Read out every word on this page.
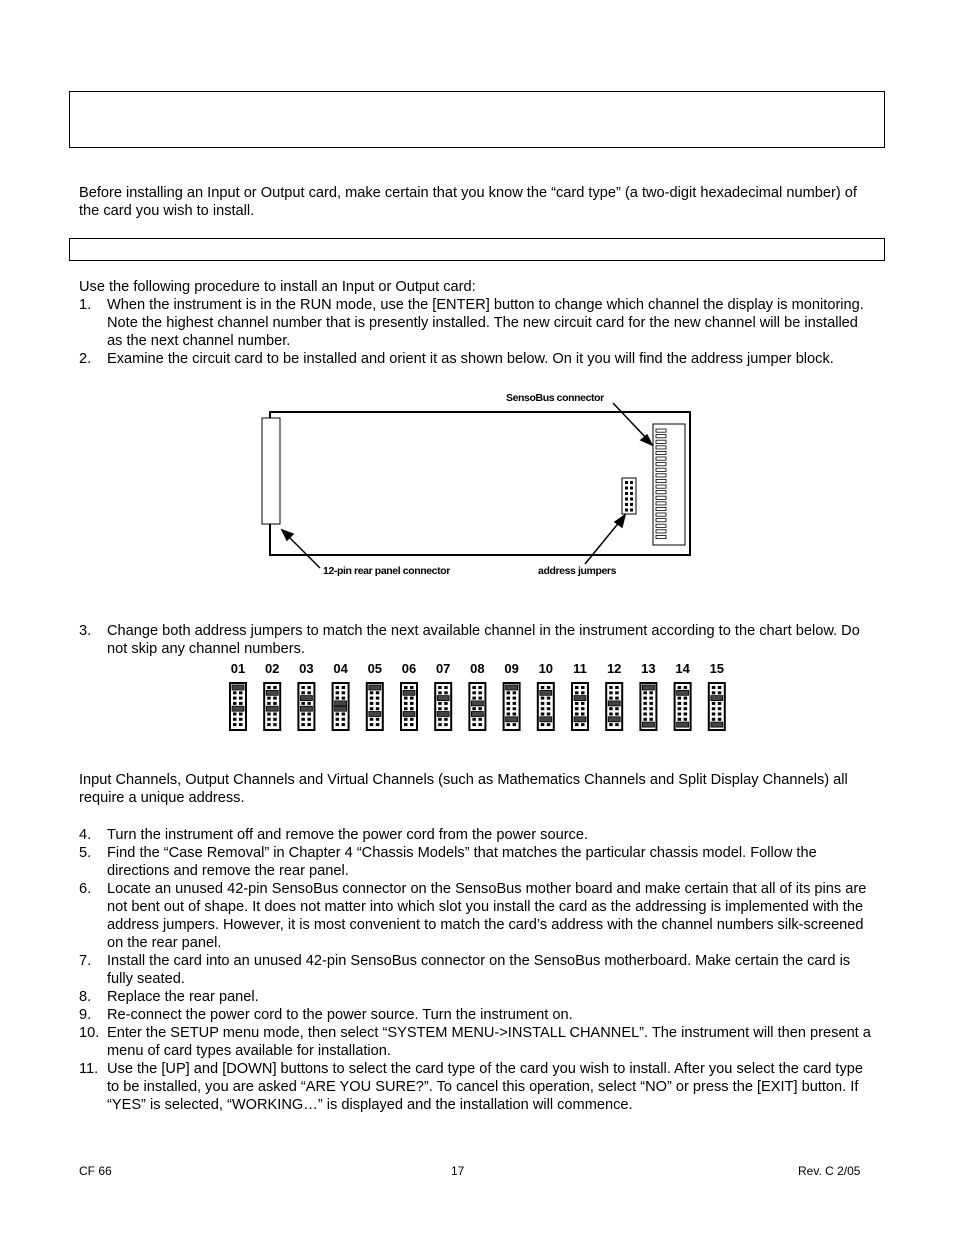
Before installing an Input or Output card, make certain that you know the “card type” (a two-digit hexadecimal number) of the card you wish to install.

Use the following procedure to install an Input or Output card:

1. When the instrument is in the RUN mode, use the [ENTER] button to change which channel the display is monitoring. Note the highest channel number that is presently installed. The new circuit card for the new channel will be installed as the next channel number.
2. Examine the circuit card to be installed and orient it as shown below. On it you will find the address jumper block.
SensoBus connector
12-pin rear panel connector	address jumpers
3. Change both address jumpers to match the next available channel in the instrument according to the chart below. Do not skip any channel numbers.
01 02 03 04 05 06 07 08 09 10 11 12 13 14 15

Input Channels, Output Channels and Virtual Channels (such as Mathematics Channels and Split Display Channels) all require a unique address.

4. Turn the instrument off and remove the power cord from the power source.
5. Find the “Case Removal” in Chapter 4 “Chassis Models” that matches the particular chassis model. Follow the directions and remove the rear panel.
6. Locate an unused 42-pin SensoBus connector on the SensoBus mother board and make certain that all of its pins are not bent out of shape. It does not matter into which slot you install the card as the addressing is implemented with the address jumpers. However, it is most convenient to match the card’s address with the channel numbers silk-screened on the rear panel.
7. Install the card into an unused 42-pin SensoBus connector on the SensoBus motherboard. Make certain the card is fully seated.
8. Replace the rear panel.
9. Re-connect the power cord to the power source. Turn the instrument on.
10. Enter the SETUP menu mode, then select “SYSTEM MENU->INSTALL CHANNEL”. The instrument will then present a menu of card types available for installation.
11. Use the [UP] and [DOWN] buttons to select the card type of the card you wish to install. After you select the card type to be installed, you are asked “ARE YOU SURE?”. To cancel this operation, select “NO” or press the [EXIT] button. If “YES” is selected, “WORKING…” is displayed and the installation will commence.
CF 66	17	Rev. C 2/05
